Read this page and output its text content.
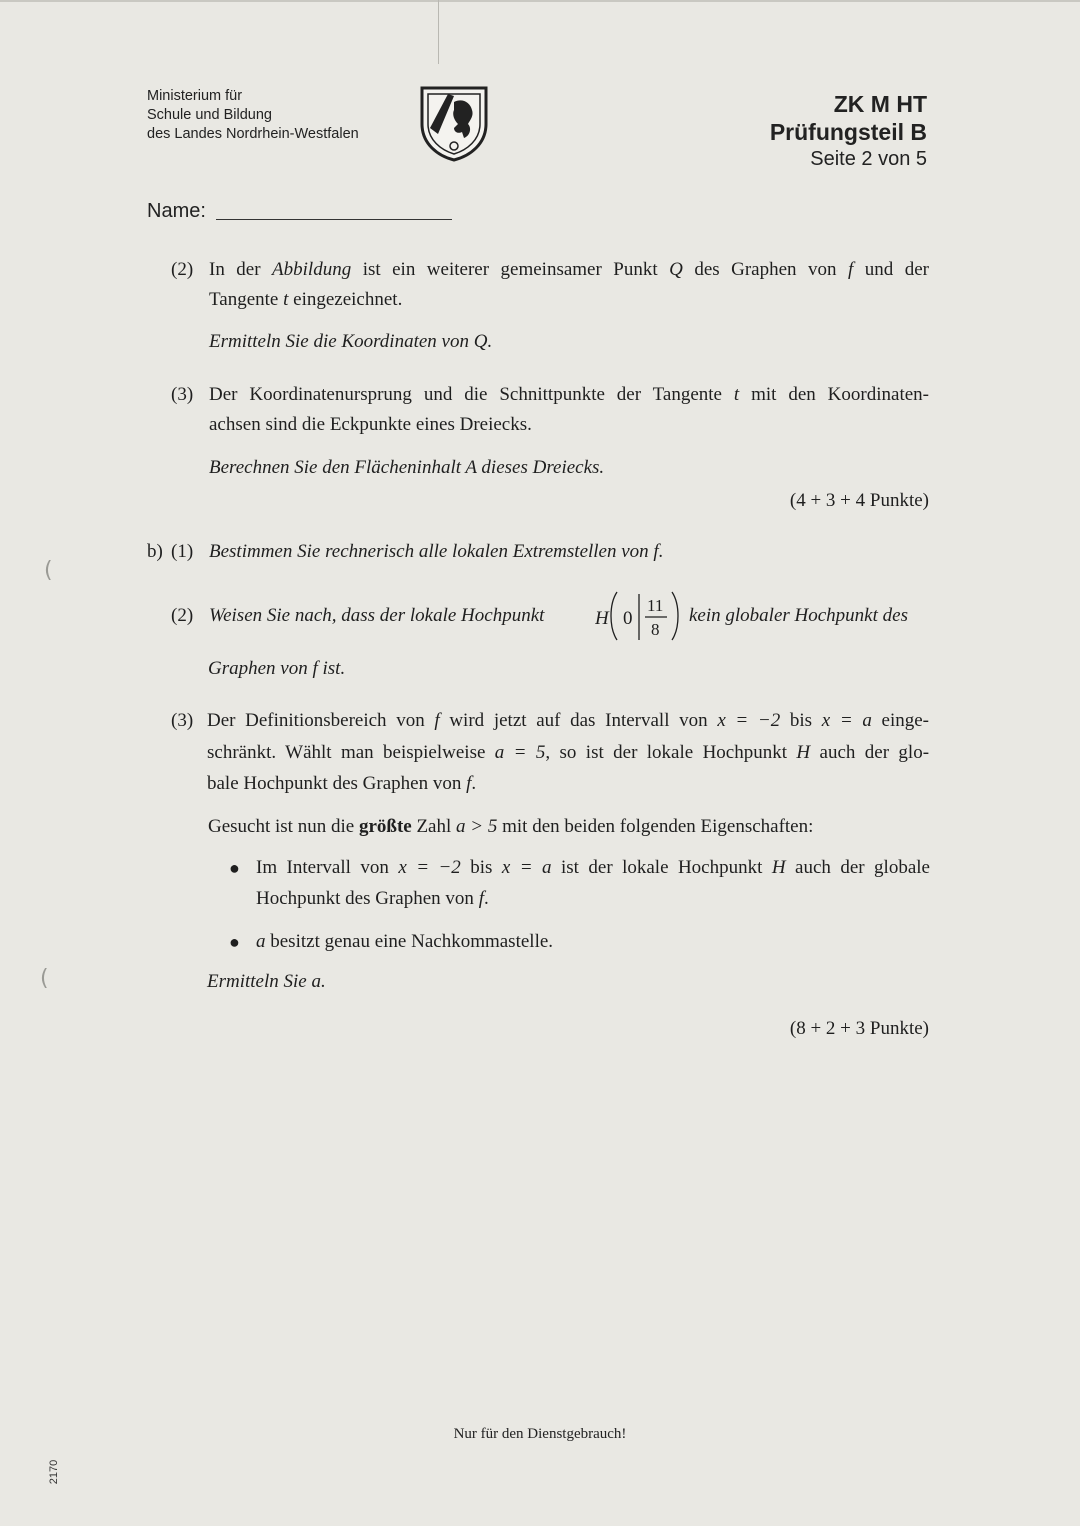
Ministerium für
Schule und Bildung
des Landes Nordrhein-Westfalen
ZK M HT
Prüfungsteil B
Seite 2 von 5
Name:
(2) In der Abbildung ist ein weiterer gemeinsamer Punkt Q des Graphen von f und der
Tangente t eingezeichnet.
Ermitteln Sie die Koordinaten von Q.
(3) Der Koordinatenursprung und die Schnittpunkte der Tangente t mit den Koordinaten-
achsen sind die Eckpunkte eines Dreiecks.
Berechnen Sie den Flächeninhalt A dieses Dreiecks.
(4 + 3 + 4 Punkte)
b) (1) Bestimmen Sie rechnerisch alle lokalen Extremstellen von f.
(2) Weisen Sie nach, dass der lokale Hochpunkt	H 0
11
8
kein globaler Hochpunkt des
Graphen von f ist.
(3) Der Definitionsbereich von f wird jetzt auf das Intervall von x = −2 bis x = a einge-
schränkt. Wählt man beispielweise a = 5, so ist der lokale Hochpunkt H auch der glo-
bale Hochpunkt des Graphen von f.
Gesucht ist nun die größte Zahl a > 5 mit den beiden folgenden Eigenschaften:
● Im Intervall von x = −2 bis x = a ist der lokale Hochpunkt H auch der globale
Hochpunkt des Graphen von f.
● a besitzt genau eine Nachkommastelle.
Ermitteln Sie a.
(8 + 2 + 3 Punkte)
(
(
Nur für den Dienstgebrauch!
2170
